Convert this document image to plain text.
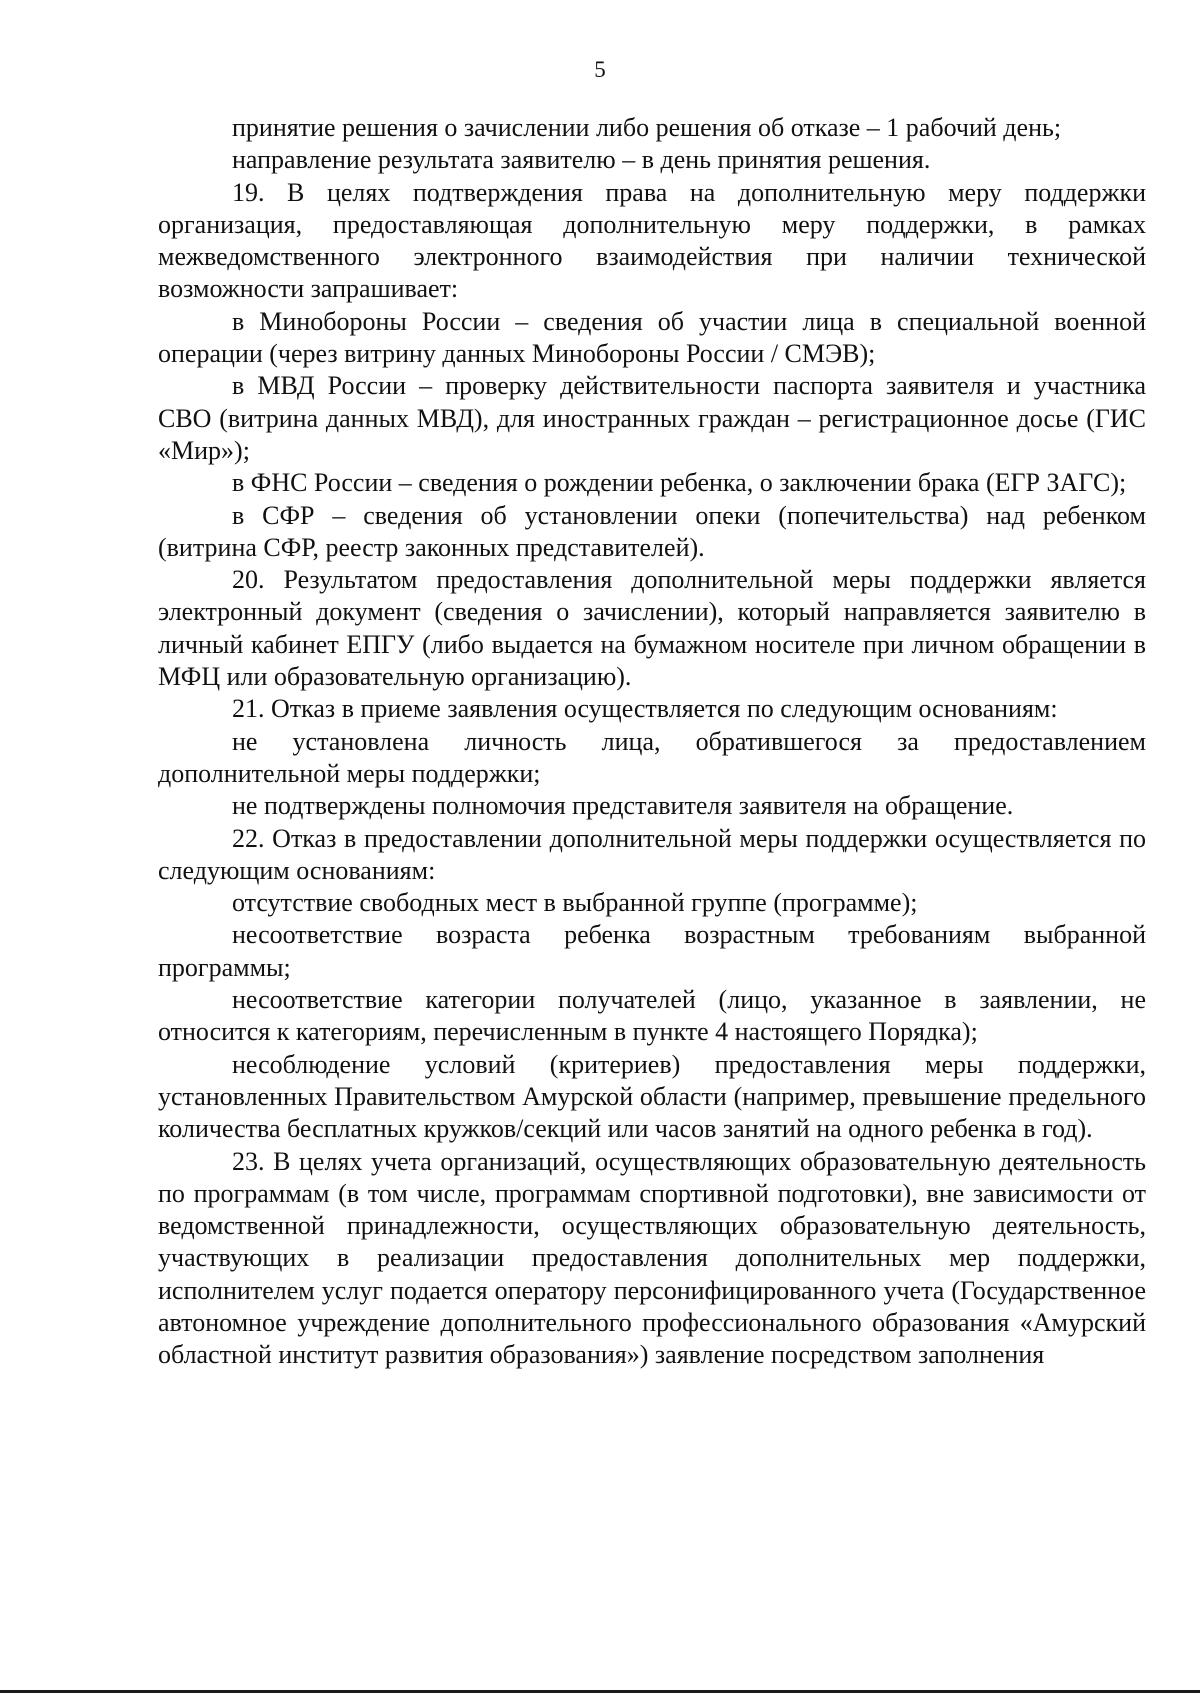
5

принятие решения о зачислении либо решения об отказе – 1 рабочий день;

направление результата заявителю – в день принятия решения.

19. В целях подтверждения права на дополнительную меру поддержки организация, предоставляющая дополнительную меру поддержки, в рамках межведомственного электронного взаимодействия при наличии технической возможности запрашивает:

в Минобороны России – сведения об участии лица в специальной военной операции (через витрину данных Минобороны России / СМЭВ);

в МВД России – проверку действительности паспорта заявителя и участника СВО (витрина данных МВД), для иностранных граждан – регистрационное досье (ГИС «Мир»);

в ФНС России – сведения о рождении ребенка, о заключении брака (ЕГР ЗАГС);

в СФР – сведения об установлении опеки (попечительства) над ребенком (витрина СФР, реестр законных представителей).

20. Результатом предоставления дополнительной меры поддержки является электронный документ (сведения о зачислении), который направляется заявителю в личный кабинет ЕПГУ (либо выдается на бумажном носителе при личном обращении в МФЦ или образовательную организацию).

21. Отказ в приеме заявления осуществляется по следующим основаниям:

не установлена личность лица, обратившегося за предоставлением дополнительной меры поддержки;

не подтверждены полномочия представителя заявителя на обращение.

22. Отказ в предоставлении дополнительной меры поддержки осуществляется по следующим основаниям:

отсутствие свободных мест в выбранной группе (программе);

несоответствие возраста ребенка возрастным требованиям выбранной программы;

несоответствие категории получателей (лицо, указанное в заявлении, не относится к категориям, перечисленным в пункте 4 настоящего Порядка);

несоблюдение условий (критериев) предоставления меры поддержки, установленных Правительством Амурской области (например, превышение предельного количества бесплатных кружков/секций или часов занятий на одного ребенка в год).

23. В целях учета организаций, осуществляющих образовательную деятельность по программам (в том числе, программам спортивной подготовки), вне зависимости от ведомственной принадлежности, осуществляющих образовательную деятельность, участвующих в реализации предоставления дополнительных мер поддержки, исполнителем услуг подается оператору персонифицированного учета (Государственное автономное учреждение дополнительного профессионального образования «Амурский областной институт развития образования») заявление посредством заполнения
